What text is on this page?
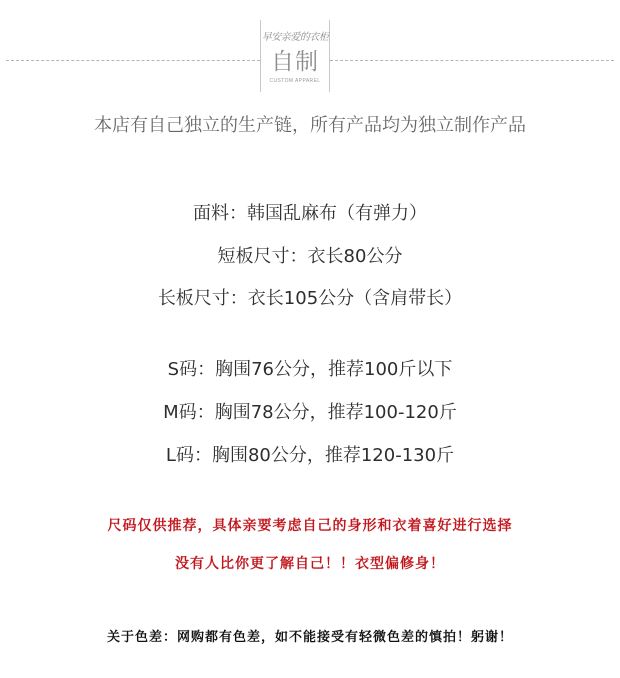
早安亲爱的衣柜
自制
CUSTOM APPAREL
本店有自己独立的生产链，所有产品均为独立制作产品
面料：韩国乱麻布（有弹力）
短板尺寸：衣长80公分
长板尺寸：衣长105公分（含肩带长）
S码：胸围76公分，推荐100斤以下
M码：胸围78公分，推荐100-120斤
L码：胸围80公分，推荐120-130斤
尺码仅供推荐，具体亲要考虑自己的身形和衣着喜好进行选择
没有人比你更了解自己！！衣型偏修身！
关于色差：网购都有色差，如不能接受有轻微色差的慎拍！躬谢！
